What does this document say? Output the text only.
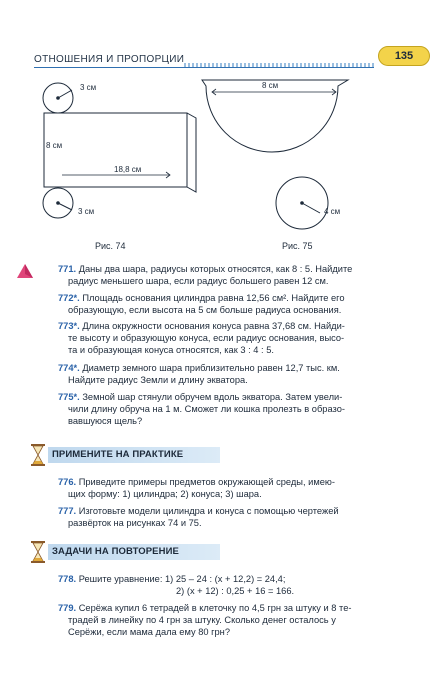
ОТНОШЕНИЯ И ПРОПОРЦИИ	135
3 см
8 см
18,8 см
3 см
8 см
4 см
Рис. 74	Рис. 75
771. Даны два шара, радиусы которых относятся, как 8 : 5. Найдите
радиус меньшего шара, если радиус большего равен 12 см.
772*. Площадь основания цилиндра равна 12,56 см². Найдите его
образующую, если высота на 5 см больше радиуса основания.
773*. Длина окружности основания конуса равна 37,68 см. Найди-
те высоту и образующую конуса, если радиус основания, высо-
та и образующая конуса относятся, как 3 : 4 : 5.
774*. Диаметр земного шара приблизительно равен 12,7 тыс. км.
Найдите радиус Земли и длину экватора.
775*. Земной шар стянули обручем вдоль экватора. Затем увели-
чили длину обруча на 1 м. Сможет ли кошка пролезть в образо-
вавшуюся щель?
ПРИМЕНИТЕ НА ПРАКТИКЕ
776. Приведите примеры предметов окружающей среды, имею-
щих форму: 1) цилиндра; 2) конуса; 3) шара.
777. Изготовьте модели цилиндра и конуса с помощью чертежей
развёрток на рисунках 74 и 75.
ЗАДАЧИ НА ПОВТОРЕНИЕ
778. Решите уравнение: 1) 25 – 24 : (x + 12,2) = 24,4;
2) (x + 12) : 0,25 + 16 = 166.
779. Серёжа купил 6 тетрадей в клеточку по 4,5 грн за штуку и 8 те-
традей в линейку по 4 грн за штуку. Сколько денег осталось у
Серёжи, если мама дала ему 80 грн?
